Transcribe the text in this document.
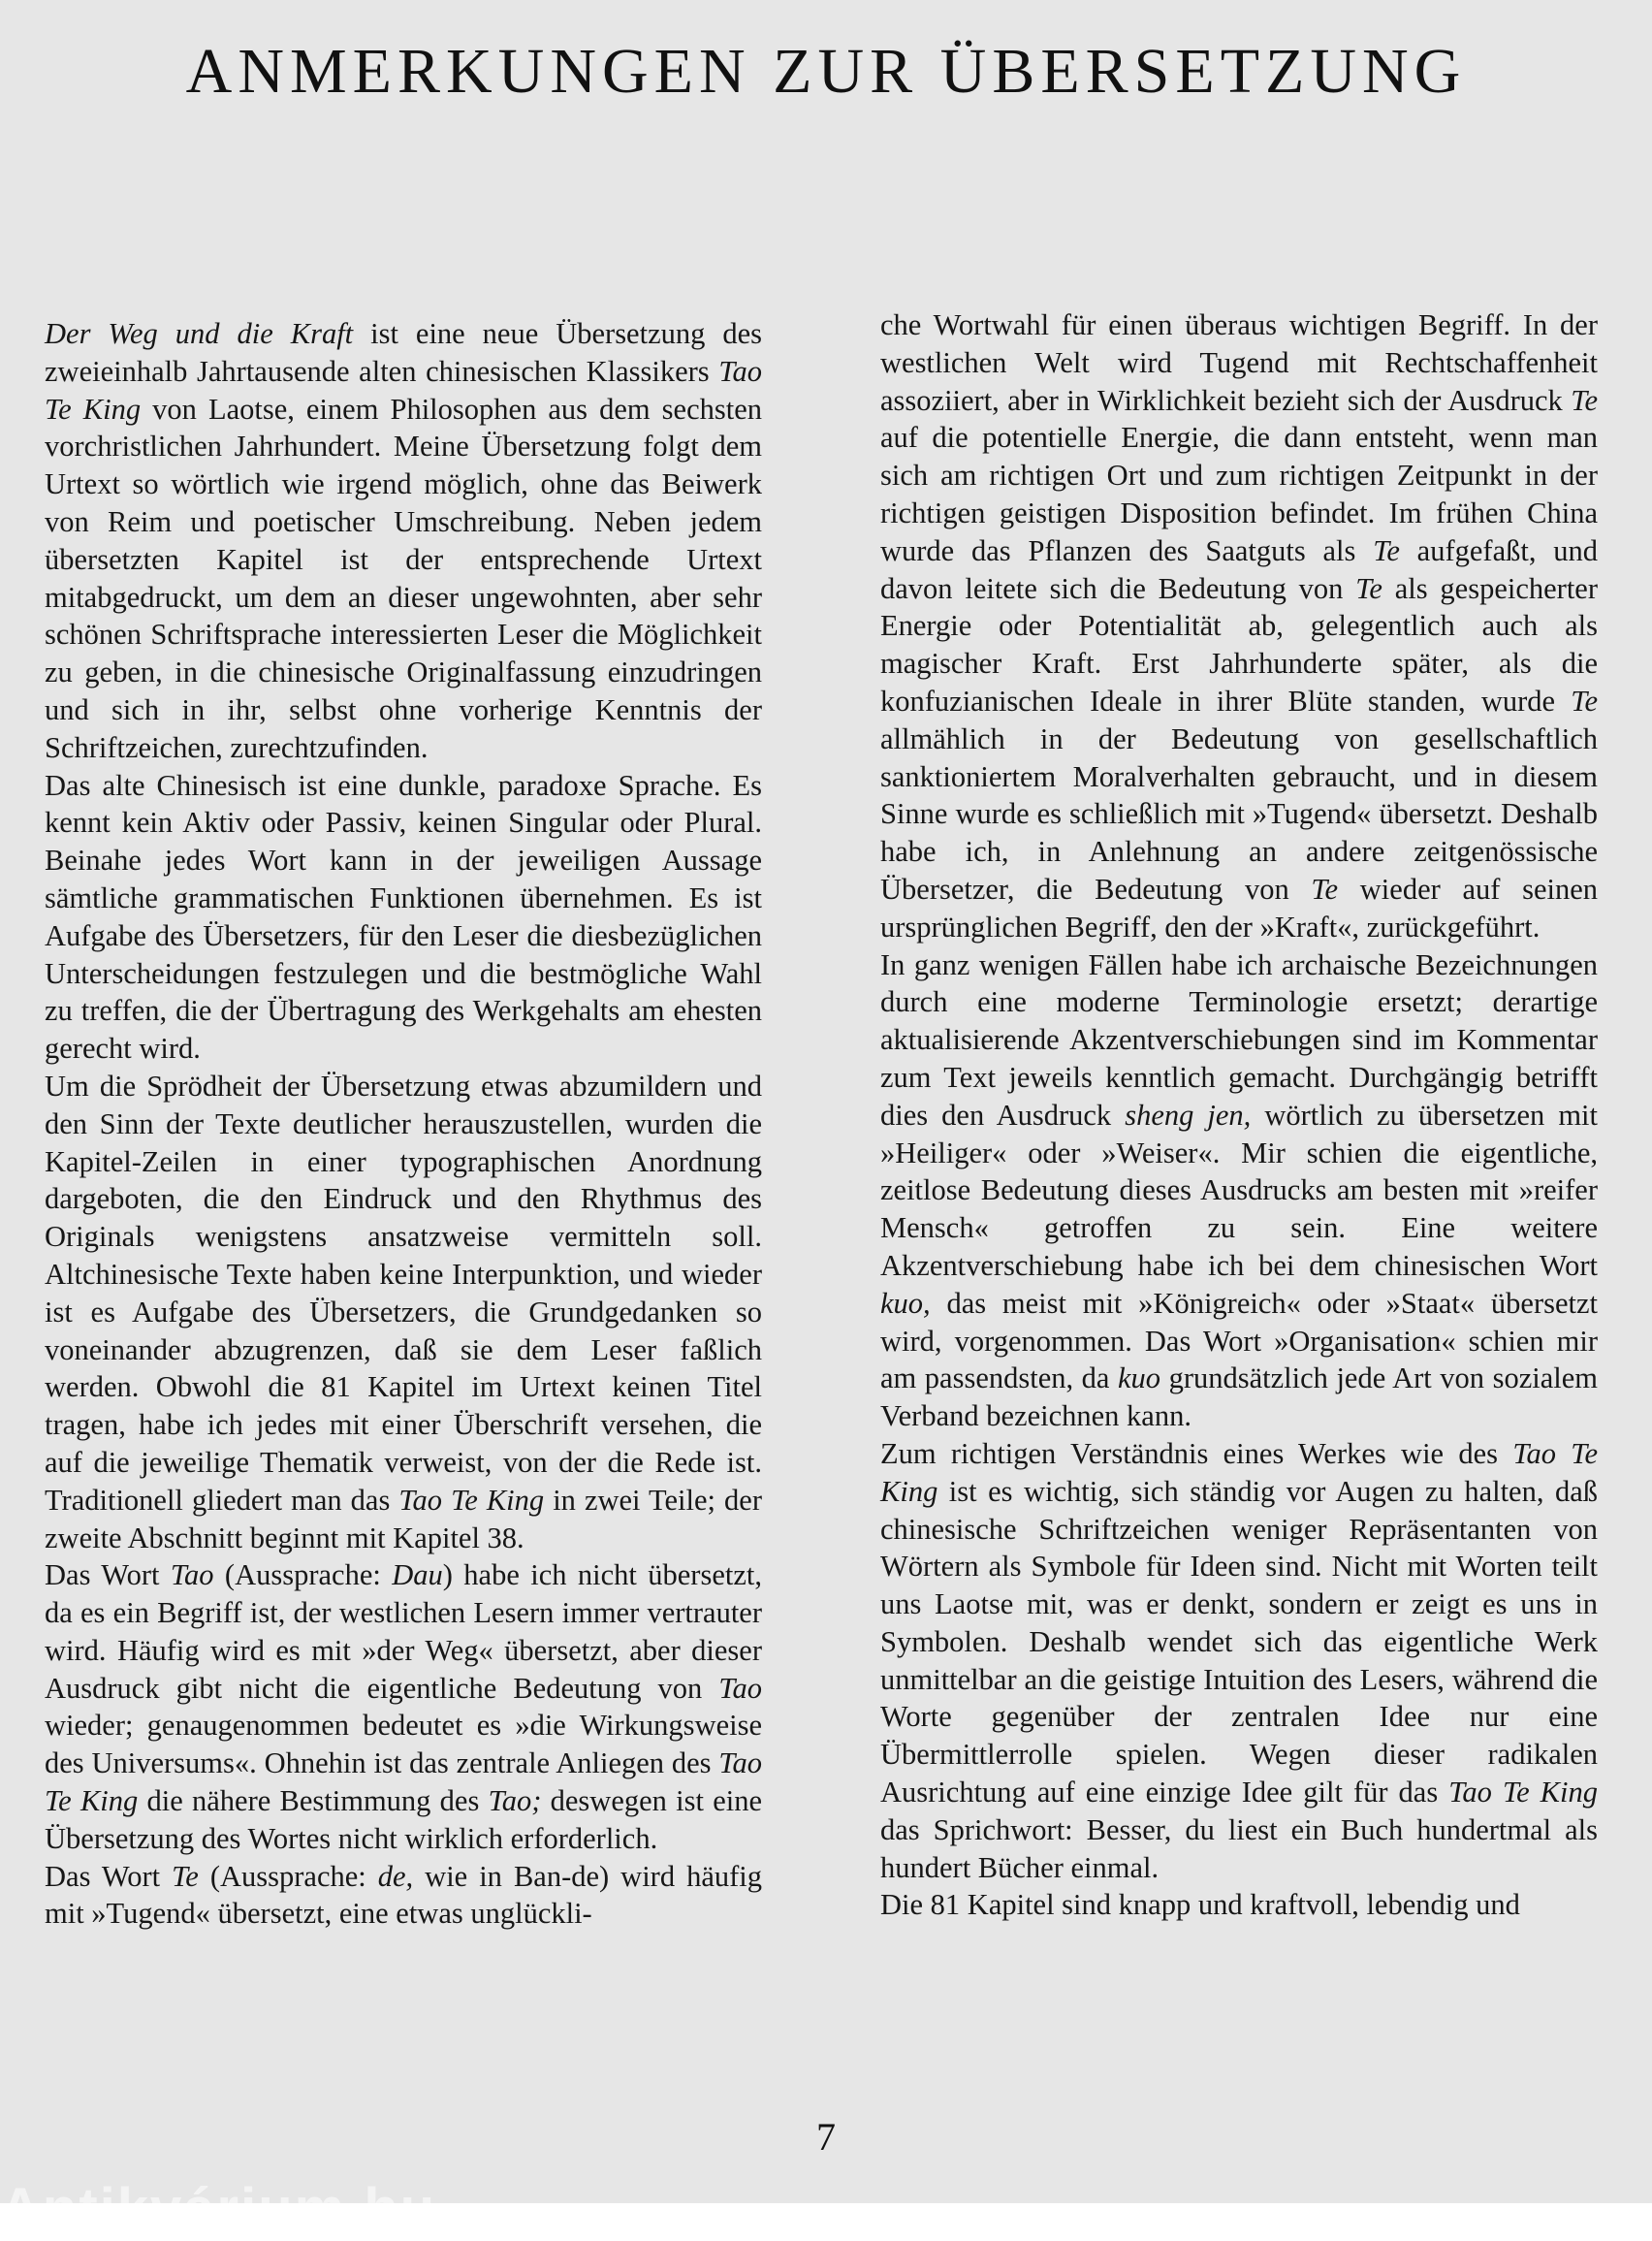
ANMERKUNGEN ZUR ÜBERSETZUNG

Der Weg und die Kraft ist eine neue Übersetzung des zweieinhalb Jahrtausende alten chinesischen Klassikers Tao Te King von Laotse, einem Philosophen aus dem sechsten vorchristlichen Jahrhundert. Meine Übersetzung folgt dem Urtext so wörtlich wie irgend möglich, ohne das Beiwerk von Reim und poetischer Umschreibung. Neben jedem übersetzten Kapitel ist der entsprechende Urtext mitabgedruckt, um dem an dieser ungewohnten, aber sehr schönen Schriftsprache interessierten Leser die Möglichkeit zu geben, in die chinesische Originalfassung einzudringen und sich in ihr, selbst ohne vorherige Kenntnis der Schriftzeichen, zurechtzufinden.

Das alte Chinesisch ist eine dunkle, paradoxe Sprache. Es kennt kein Aktiv oder Passiv, keinen Singular oder Plural. Beinahe jedes Wort kann in der jeweiligen Aussage sämtliche grammatischen Funktionen übernehmen. Es ist Aufgabe des Übersetzers, für den Leser die diesbezüglichen Unterscheidungen festzulegen und die bestmögliche Wahl zu treffen, die der Übertragung des Werkgehalts am ehesten gerecht wird.

Um die Sprödheit der Übersetzung etwas abzumildern und den Sinn der Texte deutlicher herauszustellen, wurden die Kapitel-Zeilen in einer typographischen Anordnung dargeboten, die den Eindruck und den Rhythmus des Originals wenigstens ansatzweise vermitteln soll. Altchinesische Texte haben keine Interpunktion, und wieder ist es Aufgabe des Übersetzers, die Grundgedanken so voneinander abzugrenzen, daß sie dem Leser faßlich werden. Obwohl die 81 Kapitel im Urtext keinen Titel tragen, habe ich jedes mit einer Überschrift versehen, die auf die jeweilige Thematik verweist, von der die Rede ist. Traditionell gliedert man das Tao Te King in zwei Teile; der zweite Abschnitt beginnt mit Kapitel 38.

Das Wort Tao (Aussprache: Dau) habe ich nicht übersetzt, da es ein Begriff ist, der westlichen Lesern immer vertrauter wird. Häufig wird es mit »der Weg« übersetzt, aber dieser Ausdruck gibt nicht die eigentliche Bedeutung von Tao wieder; genaugenommen bedeutet es »die Wirkungsweise des Universums«. Ohnehin ist das zentrale Anliegen des Tao Te King die nähere Bestimmung des Tao; deswegen ist eine Übersetzung des Wortes nicht wirklich erforderlich.

Das Wort Te (Aussprache: de, wie in Ban-de) wird häufig mit »Tugend« übersetzt, eine etwas unglückli-

che Wortwahl für einen überaus wichtigen Begriff. In der westlichen Welt wird Tugend mit Rechtschaffenheit assoziiert, aber in Wirklichkeit bezieht sich der Ausdruck Te auf die potentielle Energie, die dann entsteht, wenn man sich am richtigen Ort und zum richtigen Zeitpunkt in der richtigen geistigen Disposition befindet. Im frühen China wurde das Pflanzen des Saatguts als Te aufgefaßt, und davon leitete sich die Bedeutung von Te als gespeicherter Energie oder Potentialität ab, gelegentlich auch als magischer Kraft. Erst Jahrhunderte später, als die konfuzianischen Ideale in ihrer Blüte standen, wurde Te allmählich in der Bedeutung von gesellschaftlich sanktioniertem Moralverhalten gebraucht, und in diesem Sinne wurde es schließlich mit »Tugend« übersetzt. Deshalb habe ich, in Anlehnung an andere zeitgenössische Übersetzer, die Bedeutung von Te wieder auf seinen ursprünglichen Begriff, den der »Kraft«, zurückgeführt.

In ganz wenigen Fällen habe ich archaische Bezeichnungen durch eine moderne Terminologie ersetzt; derartige aktualisierende Akzentverschiebungen sind im Kommentar zum Text jeweils kenntlich gemacht. Durchgängig betrifft dies den Ausdruck sheng jen, wörtlich zu übersetzen mit »Heiliger« oder »Weiser«. Mir schien die eigentliche, zeitlose Bedeutung dieses Ausdrucks am besten mit »reifer Mensch« getroffen zu sein. Eine weitere Akzentverschiebung habe ich bei dem chinesischen Wort kuo, das meist mit »Königreich« oder »Staat« übersetzt wird, vorgenommen. Das Wort »Organisation« schien mir am passendsten, da kuo grundsätzlich jede Art von sozialem Verband bezeichnen kann.

Zum richtigen Verständnis eines Werkes wie des Tao Te King ist es wichtig, sich ständig vor Augen zu halten, daß chinesische Schriftzeichen weniger Repräsentanten von Wörtern als Symbole für Ideen sind. Nicht mit Worten teilt uns Laotse mit, was er denkt, sondern er zeigt es uns in Symbolen. Deshalb wendet sich das eigentliche Werk unmittelbar an die geistige Intuition des Lesers, während die Worte gegenüber der zentralen Idee nur eine Übermittlerrolle spielen. Wegen dieser radikalen Ausrichtung auf eine einzige Idee gilt für das Tao Te King das Sprichwort: Besser, du liest ein Buch hundertmal als hundert Bücher einmal.

Die 81 Kapitel sind knapp und kraftvoll, lebendig und

7
Antikvárium.hu
